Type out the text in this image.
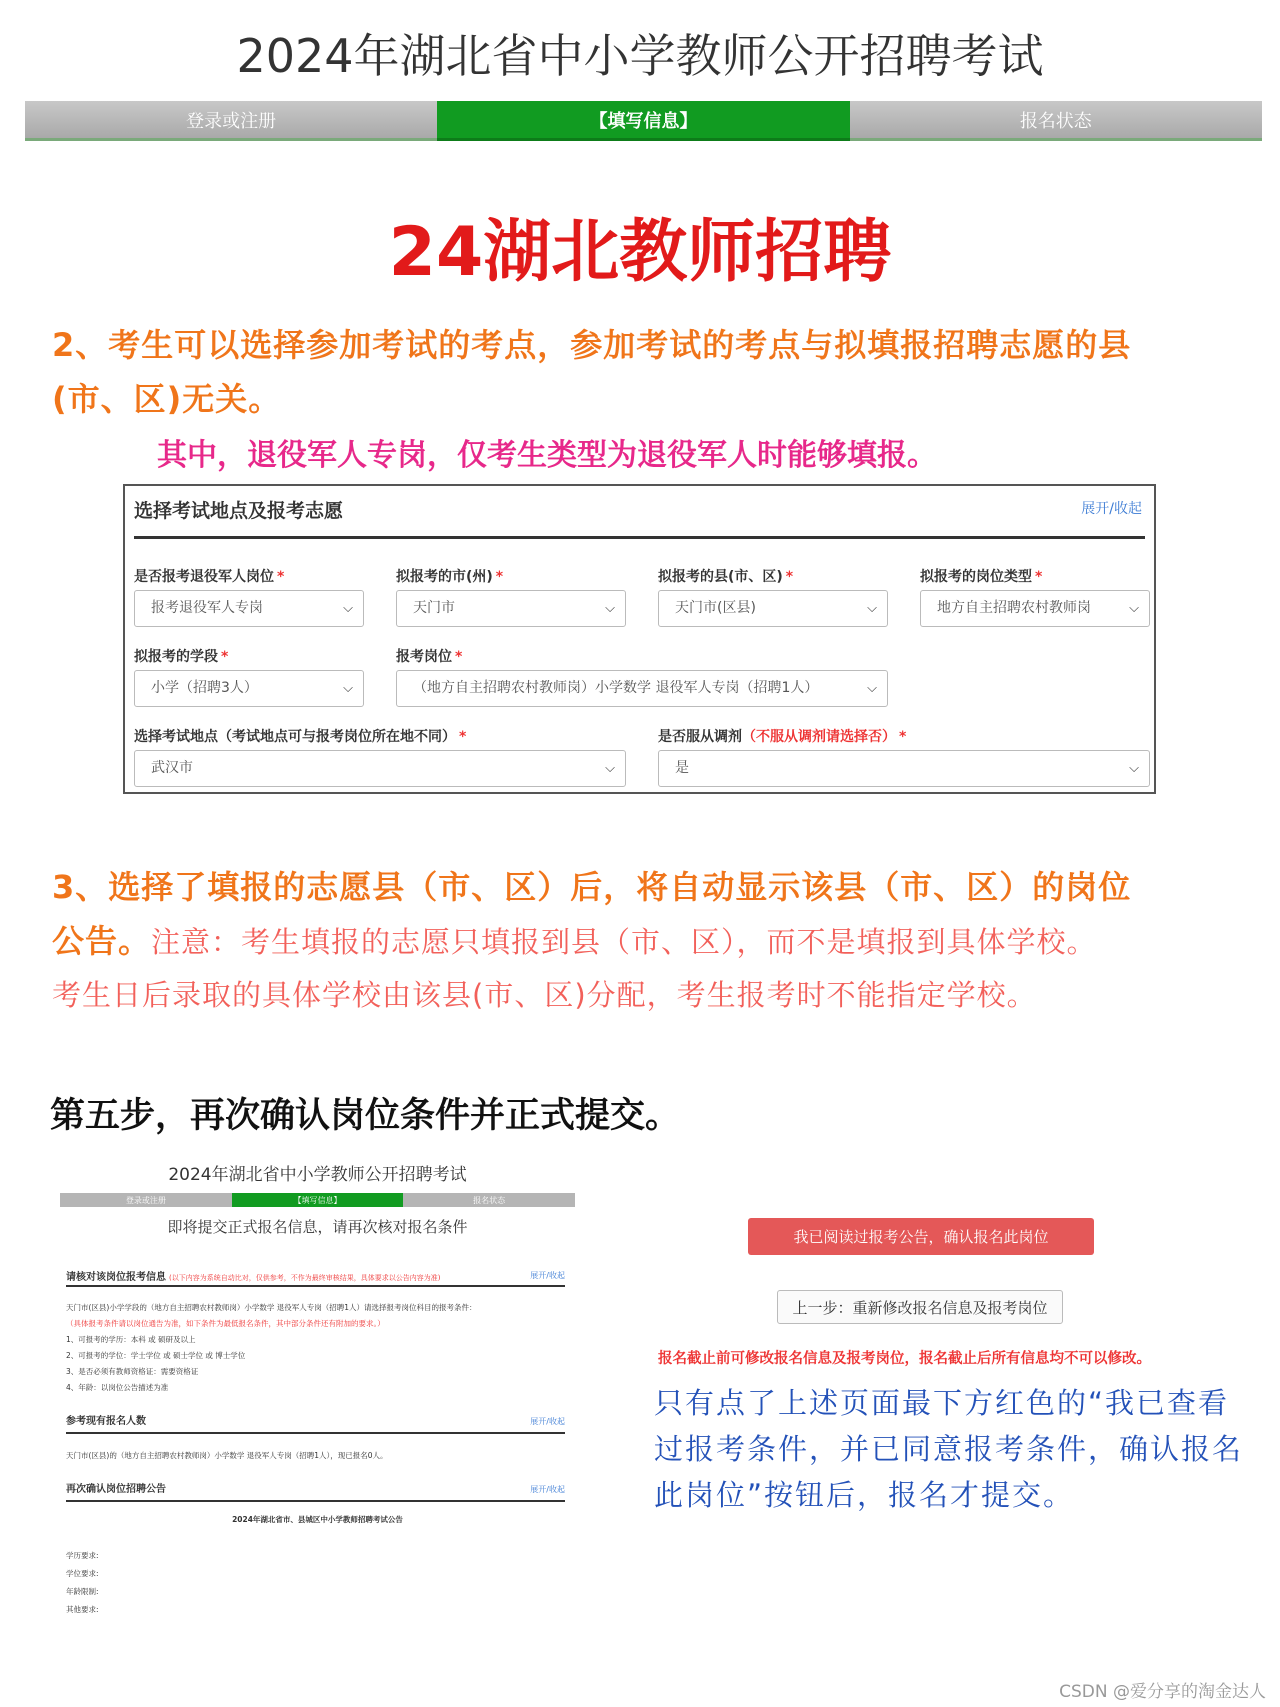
2024年湖北省中小学教师公开招聘考试
登录或注册	【填写信息】	报名状态
24湖北教师招聘
2、考生可以选择参加考试的考点，参加考试的考点与拟填报招聘志愿的县
(市、区)无关。
其中，退役军人专岗，仅考生类型为退役军人时能够填报。
选择考试地点及报考志愿	展开/收起
是否报考退役军人岗位 *
报考退役军人专岗	⌵
拟报考的市(州) *
天门市	⌵
拟报考的县(市、区) *
天门市(区县)	⌵
拟报考的岗位类型 *
地方自主招聘农村教师岗	⌵
拟报考的学段 *
小学（招聘3人）	⌵
报考岗位 *
（地方自主招聘农村教师岗）小学数学 退役军人专岗（招聘1人）	⌵
选择考试地点（考试地点可与报考岗位所在地不同） *
武汉市	⌵
是否服从调剂（不服从调剂请选择否） *
是	⌵
3、选择了填报的志愿县（市、区）后，将自动显示该县（市、区）的岗位
公告。注意：考生填报的志愿只填报到县（市、区），而不是填报到具体学校。
考生日后录取的具体学校由该县(市、区)分配，考生报考时不能指定学校。
第五步，再次确认岗位条件并正式提交。
2024年湖北省中小学教师公开招聘考试
登录或注册	【填写信息】	报名状态
即将提交正式报名信息，请再次核对报名条件
请核对该岗位报考信息 (以下内容为系统自动比对，仅供参考，不作为最终审核结果，具体要求以公告内容为准)	展开/收起
天门市(区县)小学学段的（地方自主招聘农村教师岗）小学数学 退役军人专岗（招聘1人）请选择报考岗位科目的报考条件：
（具体报考条件请以岗位通告为准，如下条件为最低报名条件，其中部分条件还有附加的要求。）
1、可报考的学历：本科 或 硕研及以上
2、可报考的学位：学士学位 或 硕士学位 或 博士学位
3、是否必须有教师资格证：需要资格证
4、年龄：以岗位公告描述为准
参考现有报名人数	展开/收起
天门市(区县)的（地方自主招聘农村教师岗）小学数学 退役军人专岗（招聘1人），现已报名0人。
再次确认岗位招聘公告	展开/收起
2024年湖北省市、县城区中小学教师招聘考试公告
学历要求:
学位要求:
年龄限制:
其他要求:
我已阅读过报考公告，确认报名此岗位
上一步：重新修改报名信息及报考岗位
报名截止前可修改报名信息及报考岗位，报名截止后所有信息均不可以修改。
只有点了上述页面最下方红色的“我已查看过报考条件，并已同意报考条件，确认报名此岗位”按钮后，报名才提交。
CSDN @爱分享的淘金达人
